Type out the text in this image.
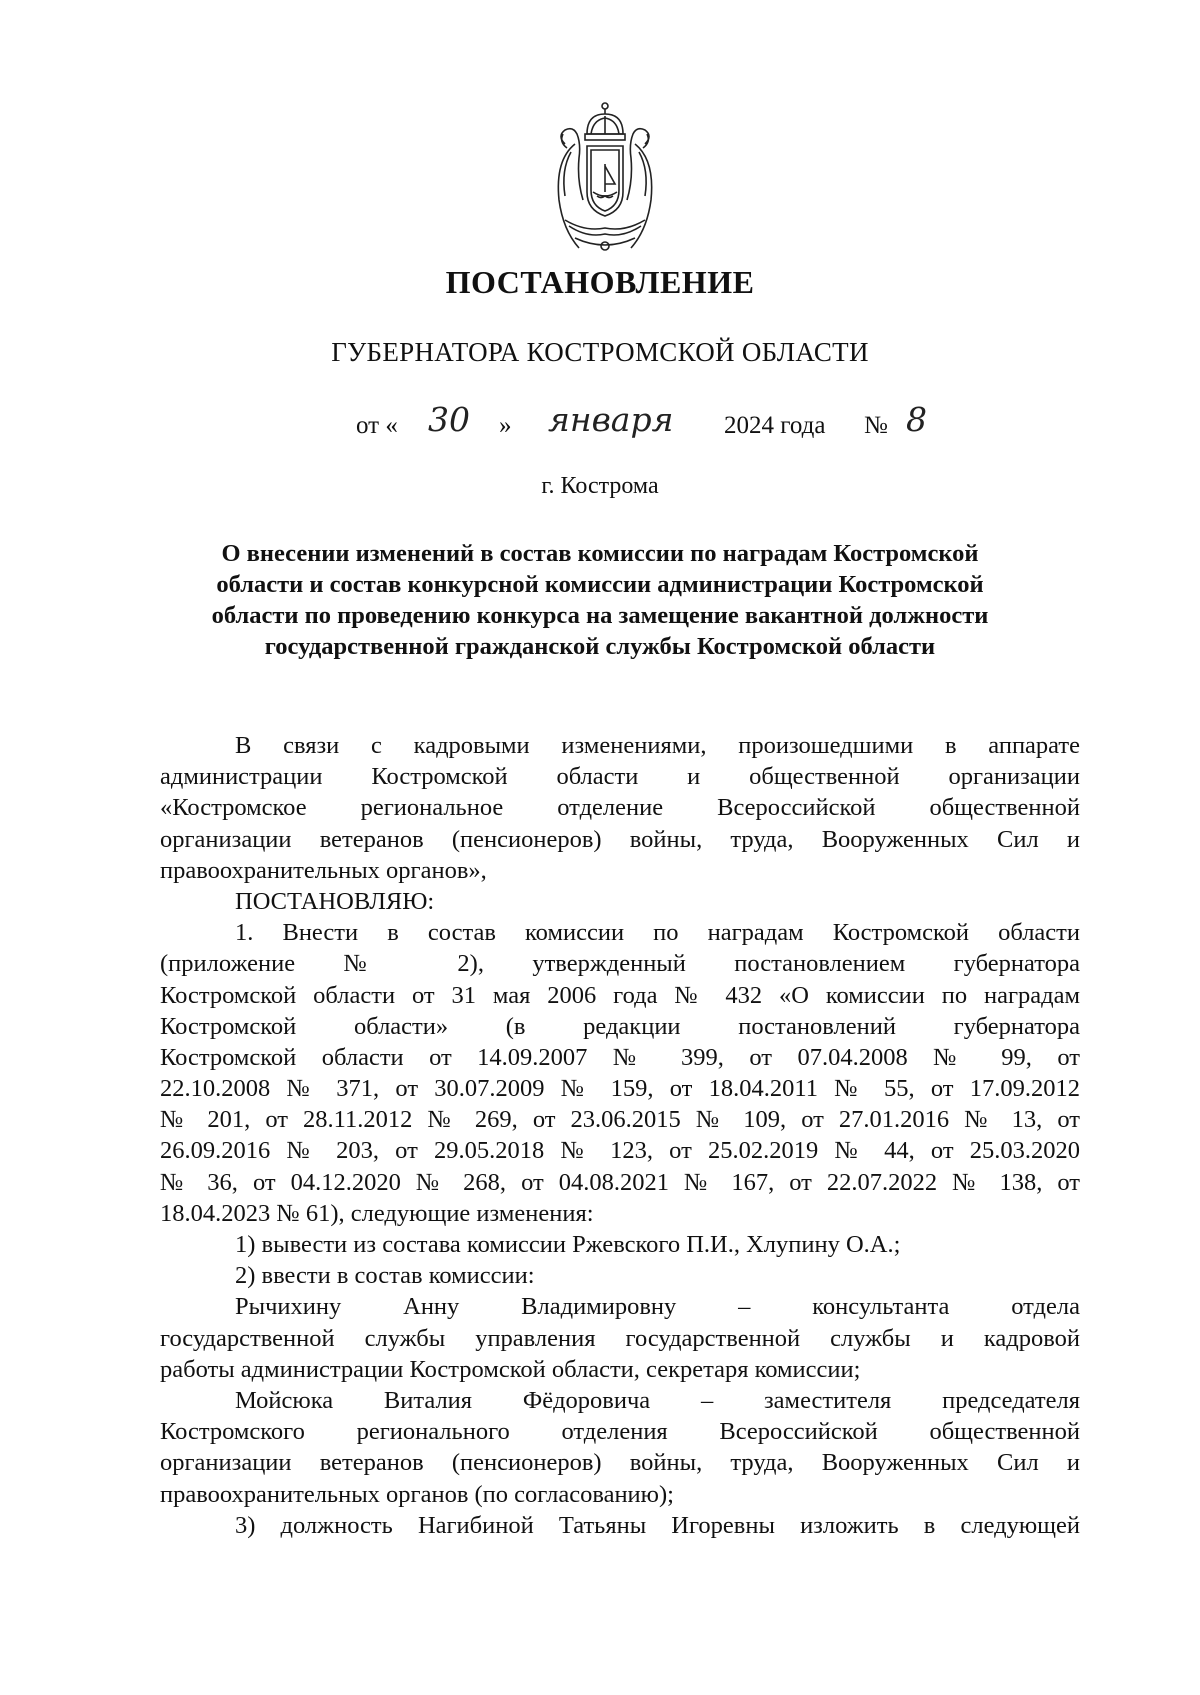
ПОСТАНОВЛЕНИЕ
ГУБЕРНАТОРА КОСТРОМСКОЙ ОБЛАСТИ
от « 30 » января 2024 года № 8
г. Кострома
О внесении изменений в состав комиссии по наградам Костромской
области и состав конкурсной комиссии администрации Костромской
области по проведению конкурса на замещение вакантной должности
государственной гражданской службы Костромской области
В связи с кадровыми изменениями, произошедшими в аппарате
администрации Костромской области и общественной организации
«Костромское региональное отделение Всероссийской общественной
организации ветеранов (пенсионеров) войны, труда, Вооруженных Сил и
правоохранительных органов»,
ПОСТАНОВЛЯЮ:
1. Внести в состав комиссии по наградам Костромской области
(приложение № 2), утвержденный постановлением губернатора
Костромской области от 31 мая 2006 года № 432 «О комиссии по наградам
Костромской области» (в редакции постановлений губернатора
Костромской области от 14.09.2007 № 399, от 07.04.2008 № 99, от
22.10.2008 № 371, от 30.07.2009 № 159, от 18.04.2011 № 55, от 17.09.2012
№ 201, от 28.11.2012 № 269, от 23.06.2015 № 109, от 27.01.2016 № 13, от
26.09.2016 № 203, от 29.05.2018 № 123, от 25.02.2019 № 44, от 25.03.2020
№ 36, от 04.12.2020 № 268, от 04.08.2021 № 167, от 22.07.2022 № 138, от
18.04.2023 № 61), следующие изменения:
1) вывести из состава комиссии Ржевского П.И., Хлупину О.А.;
2) ввести в состав комиссии:
Рычихину Анну Владимировну – консультанта отдела
государственной службы управления государственной службы и кадровой
работы администрации Костромской области, секретаря комиссии;
Мойсюка Виталия Фёдоровича – заместителя председателя
Костромского регионального отделения Всероссийской общественной
организации ветеранов (пенсионеров) войны, труда, Вооруженных Сил и
правоохранительных органов (по согласованию);
3) должность Нагибиной Татьяны Игоревны изложить в следующей
